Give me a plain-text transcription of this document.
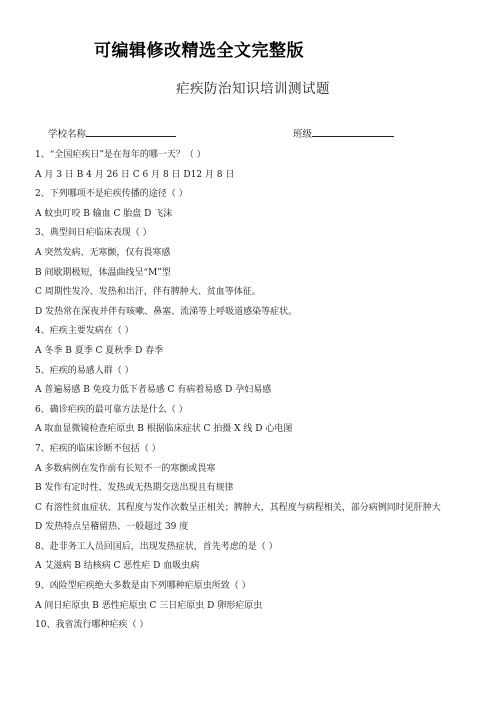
可编辑修改精选全文完整版
疟疾防治知识培训测试题
学校名称	班级
1、“全国疟疾日”是在每年的哪一天？（ ）
A 月 3 日 B 4 月 26 日 C 6 月 8 日 D12 月 8 日
2、下列哪项不是疟疾传播的途径（ ）
A 蚊虫叮咬 B 输血 C 胎盘 D 飞沫
3、典型间日疟临床表现（ ）
A 突然发病、无寒颤，仅有畏寒感
B 间歇期极短，体温曲线呈“M”型
C 周期性发冷、发热和出汗，伴有脾肿大、贫血等体征。
D 发热常在深夜并伴有咳嗽、鼻塞、流涕等上呼吸道感染等症状。
4、疟疾主要发病在（ ）
A 冬季 B 夏季 C 夏秋季 D 春季
5、疟疾的易感人群（ ）
A 普遍易感 B 免疫力低下者易感 C 有病着易感 D 孕妇易感
6、确诊疟疾的最可靠方法是什么（ ）
A 取血显微镜检查疟原虫 B 根据临床症状 C 拍摄 X 线 D 心电图
7、疟疾的临床诊断不包括（ ）
A 多数病例在发作前有长短不一的寒颤或畏寒
B 发作有定时性、发热或无热期交迭出现且有规律
C 有溶性贫血症状、其程度与发作次数呈正相关；脾肿大，其程度与病程相关，部分病例同时见肝肿大
D 发热特点呈稽留热、一般超过 39 度
8、赴非务工人员回国后，出现发热症状，首先考虑的是（ ）
A 艾滋病 B 结核病 C 恶性疟 D 血吸虫病
9、凶险型疟疾绝大多数是由下列哪种疟原虫所致（ ）
A 间日疟原虫 B 恶性疟原虫 C 三日疟原虫 D 卵形疟原虫
10、我省流行哪种疟疾（ ）
